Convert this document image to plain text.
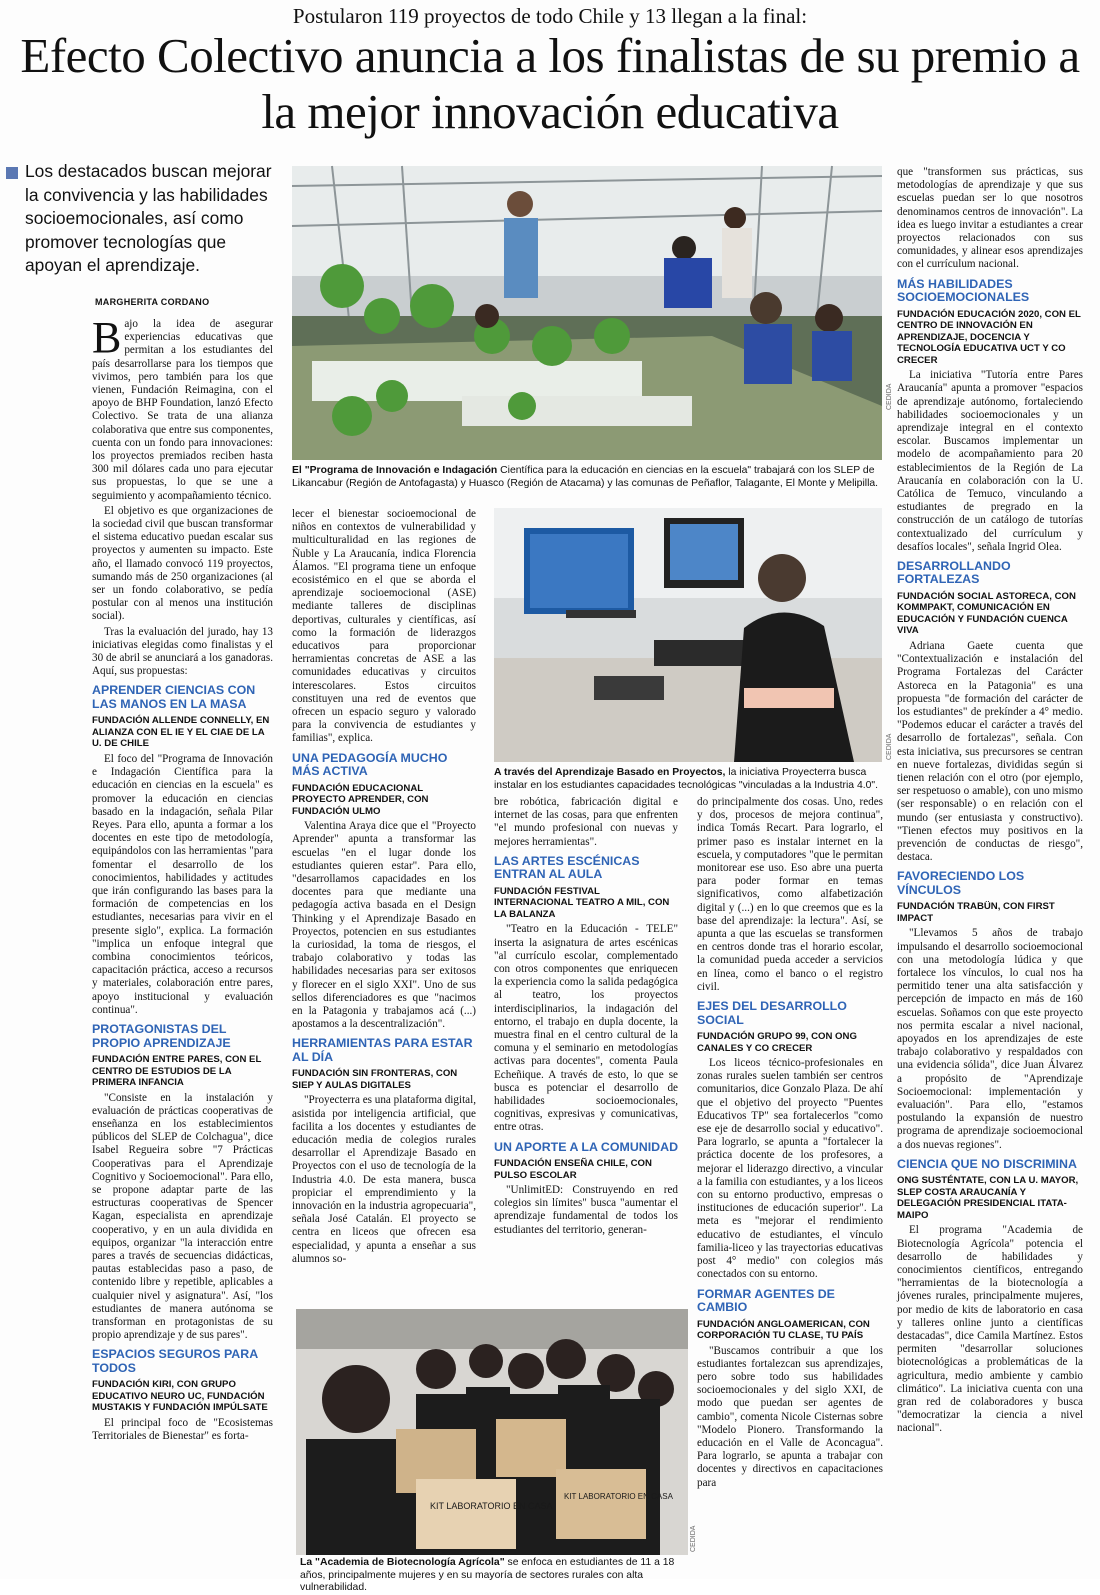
Postularon 119 proyectos de todo Chile y 13 llegan a la final:
Efecto Colectivo anuncia a los finalistas de su premio a la mejor innovación educativa
Los destacados buscan mejorar la convivencia y las habilidades socioemocionales, así como promover tecnologías que apoyan el aprendizaje.
MARGHERITA CORDANO
CEDIDA
El "Programa de Innovación e Indagación Científica para la educación en ciencias en la escuela" trabajará con los SLEP de Likancabur (Región de Antofagasta) y Huasco (Región de Atacama) y las comunas de Peñaflor, Talagante, El Monte y Melipilla.
CEDIDA
A través del Aprendizaje Basado en Proyectos, la iniciativa Proyecterra busca instalar en los estudiantes capacidades tecnológicas "vinculadas a la Industria 4.0".
KIT LABORATORIO EN CASA
KIT LABORATORIO EN CASA
CEDIDA
La "Academia de Biotecnología Agrícola" se enfoca en estudiantes de 11 a 18 años, principalmente mujeres y en su mayoría de sectores rurales con alta vulnerabilidad.

Bajo la idea de asegurar experiencias educativas que permitan a los estudiantes del país desarrollarse para los tiempos que vivimos, pero también para los que vienen, Fundación Reimagina, con el apoyo de BHP Foundation, lanzó Efecto Colectivo. Se trata de una alianza colaborativa que entre sus componentes, cuenta con un fondo para innovaciones: los proyectos premiados reciben hasta 300 mil dólares cada uno para ejecutar sus propuestas, lo que se une a seguimiento y acompañamiento técnico.

El objetivo es que organizaciones de la sociedad civil que buscan transformar el sistema educativo puedan escalar sus proyectos y aumenten su impacto. Este año, el llamado convocó 119 proyectos, sumando más de 250 organizaciones (al ser un fondo colaborativo, se pedía postular con al menos una institución social).

Tras la evaluación del jurado, hay 13 iniciativas elegidas como finalistas y el 30 de abril se anunciará a los ganadoras. Aquí, sus propuestas:

APRENDER CIENCIAS CON LAS MANOS EN LA MASA
FUNDACIÓN ALLENDE CONNELLY, EN ALIANZA CON EL IE Y EL CIAE DE LA U. DE CHILE

El foco del "Programa de Innovación e Indagación Científica para la educación en ciencias en la escuela" es promover la educación en ciencias basado en la indagación, señala Pilar Reyes. Para ello, apunta a formar a los docentes en este tipo de metodología, equipándolos con las herramientas "para fomentar el desarrollo de los conocimientos, habilidades y actitudes que irán configurando las bases para la formación de competencias en los estudiantes, necesarias para vivir en el presente siglo", explica. La formación "implica un enfoque integral que combina conocimientos teóricos, capacitación práctica, acceso a recursos y materiales, colaboración entre pares, apoyo institucional y evaluación continua".

PROTAGONISTAS DEL PROPIO APRENDIZAJE
FUNDACIÓN ENTRE PARES, CON EL CENTRO DE ESTUDIOS DE LA PRIMERA INFANCIA

"Consiste en la instalación y evaluación de prácticas cooperativas de enseñanza en los establecimientos públicos del SLEP de Colchagua", dice Isabel Regueira sobre "7 Prácticas Cooperativas para el Aprendizaje Cognitivo y Socioemocional". Para ello, se propone adaptar parte de las estructuras cooperativas de Spencer Kagan, especialista en aprendizaje cooperativo, y en un aula dividida en equipos, organizar "la interacción entre pares a través de secuencias didácticas, pautas establecidas paso a paso, de contenido libre y repetible, aplicables a cualquier nivel y asignatura". Así, "los estudiantes de manera autónoma se transforman en protagonistas de su propio aprendizaje y de sus pares".

ESPACIOS SEGUROS PARA TODOS
FUNDACIÓN KIRI, CON GRUPO EDUCATIVO NEURO UC, FUNDACIÓN MUSTAKIS Y FUNDACIÓN IMPÚLSATE

El principal foco de "Ecosistemas Territoriales de Bienestar" es forta-

lecer el bienestar socioemocional de niños en contextos de vulnerabilidad y multiculturalidad en las regiones de Ñuble y La Araucanía, indica Florencia Álamos. "El programa tiene un enfoque ecosistémico en el que se aborda el aprendizaje socioemocional (ASE) mediante talleres de disciplinas deportivas, culturales y científicas, así como la formación de liderazgos educativos para proporcionar herramientas concretas de ASE a las comunidades educativas y circuitos interescolares. Estos circuitos constituyen una red de eventos que ofrecen un espacio seguro y valorado para la convivencia de estudiantes y familias", explica.

UNA PEDAGOGÍA MUCHO MÁS ACTIVA
FUNDACIÓN EDUCACIONAL PROYECTO APRENDER, CON FUNDACIÓN ULMO

Valentina Araya dice que el "Proyecto Aprender" apunta a transformar las escuelas "en el lugar donde los estudiantes quieren estar". Para ello, "desarrollamos capacidades en los docentes para que mediante una pedagogía activa basada en el Design Thinking y el Aprendizaje Basado en Proyectos, potencien en sus estudiantes la curiosidad, la toma de riesgos, el trabajo colaborativo y todas las habilidades necesarias para ser exitosos y florecer en el siglo XXI". Uno de sus sellos diferenciadores es que "nacimos en la Patagonia y trabajamos acá (...) apostamos a la descentralización".

HERRAMIENTAS PARA ESTAR AL DÍA
FUNDACIÓN SIN FRONTERAS, CON SIEP Y AULAS DIGITALES

"Proyecterra es una plataforma digital, asistida por inteligencia artificial, que facilita a los docentes y estudiantes de educación media de colegios rurales desarrollar el Aprendizaje Basado en Proyectos con el uso de tecnología de la Industria 4.0. De esta manera, busca propiciar el emprendimiento y la innovación en la industria agropecuaria", señala José Catalán. El proyecto se centra en liceos que ofrecen esa especialidad, y apunta a enseñar a sus alumnos so-

bre robótica, fabricación digital e internet de las cosas, para que enfrenten "el mundo profesional con nuevas y mejores herramientas".

LAS ARTES ESCÉNICAS ENTRAN AL AULA
FUNDACIÓN FESTIVAL INTERNACIONAL TEATRO A MIL, CON LA BALANZA

"Teatro en la Educación - TELE" inserta la asignatura de artes escénicas "al currículo escolar, complementado con otros componentes que enriquecen la experiencia como la salida pedagógica al teatro, los proyectos interdisciplinarios, la indagación del entorno, el trabajo en dupla docente, la muestra final en el centro cultural de la comuna y el seminario en metodologías activas para docentes", comenta Paula Echeñique. A través de esto, lo que se busca es potenciar el desarrollo de habilidades socioemocionales, cognitivas, expresivas y comunicativas, entre otras.

UN APORTE A LA COMUNIDAD
FUNDACIÓN ENSEÑA CHILE, CON PULSO ESCOLAR

"UnlimitED: Construyendo en red colegios sin límites" busca "aumentar el aprendizaje fundamental de todos los estudiantes del territorio, generan-

do principalmente dos cosas. Uno, redes y dos, procesos de mejora continua", indica Tomás Recart. Para lograrlo, el primer paso es instalar internet en la escuela, y computadores "que le permitan monitorear ese uso. Eso abre una puerta para poder formar en temas significativos, como alfabetización digital y (...) en lo que creemos que es la base del aprendizaje: la lectura". Así, se apunta a que las escuelas se transformen en centros donde tras el horario escolar, la comunidad pueda acceder a servicios en línea, como el banco o el registro civil.

EJES DEL DESARROLLO SOCIAL
FUNDACIÓN GRUPO 99, CON ONG CANALES Y CO CRECER

Los liceos técnico-profesionales en zonas rurales suelen también ser centros comunitarios, dice Gonzalo Plaza. De ahí que el objetivo del proyecto "Puentes Educativos TP" sea fortalecerlos "como ese eje de desarrollo social y educativo". Para lograrlo, se apunta a "fortalecer la práctica docente de los profesores, a mejorar el liderazgo directivo, a vincular a la familia con estudiantes, y a los liceos con su entorno productivo, empresas o instituciones de educación superior". La meta es "mejorar el rendimiento educativo de estudiantes, el vínculo familia-liceo y las trayectorias educativas post 4° medio" con colegios más conectados con su entorno.

FORMAR AGENTES DE CAMBIO
FUNDACIÓN ANGLOAMERICAN, CON CORPORACIÓN TU CLASE, TU PAÍS

"Buscamos contribuir a que los estudiantes fortalezcan sus aprendizajes, pero sobre todo sus habilidades socioemocionales y del siglo XXI, de modo que puedan ser agentes de cambio", comenta Nicole Cisternas sobre "Modelo Pionero. Transformando la educación en el Valle de Aconcagua". Para lograrlo, se apunta a trabajar con docentes y directivos en capacitaciones para

que "transformen sus prácticas, sus metodologías de aprendizaje y que sus escuelas puedan ser lo que nosotros denominamos centros de innovación". La idea es luego invitar a estudiantes a crear proyectos relacionados con sus comunidades, y alinear esos aprendizajes con el currículum nacional.

MÁS HABILIDADES SOCIOEMOCIONALES
FUNDACIÓN EDUCACIÓN 2020, CON EL CENTRO DE INNOVACIÓN EN APRENDIZAJE, DOCENCIA Y TECNOLOGÍA EDUCATIVA UCT Y CO CRECER

La iniciativa "Tutoría entre Pares Araucanía" apunta a promover "espacios de aprendizaje autónomo, fortaleciendo habilidades socioemocionales y un aprendizaje integral en el contexto escolar. Buscamos implementar un modelo de acompañamiento para 20 establecimientos de la Región de La Araucanía en colaboración con la U. Católica de Temuco, vinculando a estudiantes de pregrado en la construcción de un catálogo de tutorías contextualizado del currículum y desafíos locales", señala Ingrid Olea.

DESARROLLANDO FORTALEZAS
FUNDACIÓN SOCIAL ASTORECA, CON KOMMPAKT, COMUNICACIÓN EN EDUCACIÓN Y FUNDACIÓN CUENCA VIVA

Adriana Gaete cuenta que "Contextualización e instalación del Programa Fortalezas del Carácter Astoreca en la Patagonia" es una propuesta "de formación del carácter de los estudiantes" de prekínder a 4° medio. "Podemos educar el carácter a través del desarrollo de fortalezas", señala. Con esta iniciativa, sus precursores se centran en nueve fortalezas, divididas según si tienen relación con el otro (por ejemplo, ser respetuoso o amable), con uno mismo (ser responsable) o en relación con el mundo (ser entusiasta y constructivo). "Tienen efectos muy positivos en la prevención de conductas de riesgo", destaca.

FAVORECIENDO LOS VÍNCULOS
FUNDACIÓN TRABÜN, CON FIRST IMPACT

"Llevamos 5 años de trabajo impulsando el desarrollo socioemocional con una metodología lúdica y que fortalece los vínculos, lo cual nos ha permitido tener una alta satisfacción y percepción de impacto en más de 160 escuelas. Soñamos con que este proyecto nos permita escalar a nivel nacional, apoyados en los aprendizajes de este trabajo colaborativo y respaldados con una evidencia sólida", dice Juan Álvarez a propósito de "Aprendizaje Socioemocional: implementación y evaluación". Para ello, "estamos postulando la expansión de nuestro programa de aprendizaje socioemocional a dos nuevas regiones".

CIENCIA QUE NO DISCRIMINA
ONG SUSTÉNTATE, CON LA U. MAYOR, SLEP COSTA ARAUCANÍA Y DELEGACIÓN PRESIDENCIAL ITATA-MAIPO

El programa "Academia de Biotecnología Agrícola" potencia el desarrollo de habilidades y conocimientos científicos, entregando "herramientas de la biotecnología a jóvenes rurales, principalmente mujeres, por medio de kits de laboratorio en casa y talleres online junto a científicas destacadas", dice Camila Martínez. Estos permiten "desarrollar soluciones biotecnológicas a problemáticas de la agricultura, medio ambiente y cambio climático". La iniciativa cuenta con una gran red de colaboradores y busca "democratizar la ciencia a nivel nacional".
